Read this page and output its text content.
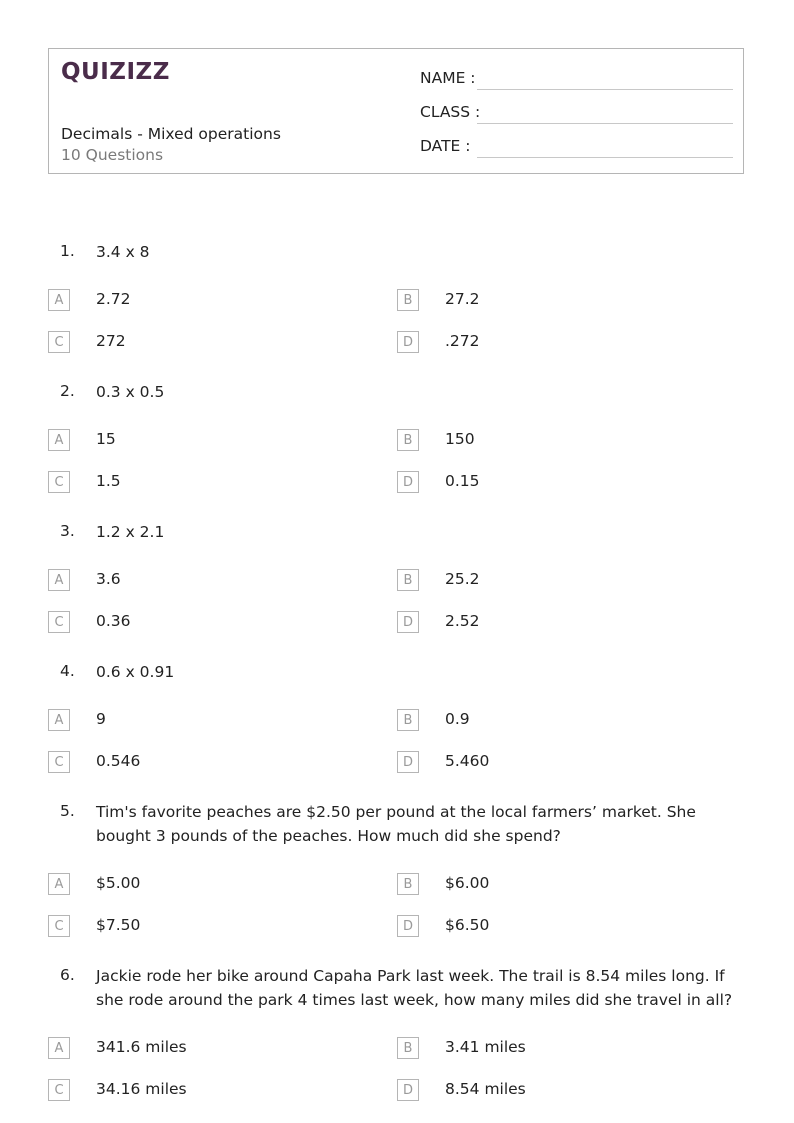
QUIZIZZ
Decimals - Mixed operations
10 Questions
NAME :
CLASS :
DATE :
1. 3.4 x 8
A	2.72	B	27.2
C	272	D	.272
2. 0.3 x 0.5
A	15	B	150
C	1.5	D	0.15
3. 1.2 x 2.1
A	3.6	B	25.2
C	0.36	D	2.52
4. 0.6 x 0.91
A	9	B	0.9
C	0.546	D	5.460
5. Tim's favorite peaches are $2.50 per pound at the local farmers’ market. She bought 3 pounds of the peaches. How much did she spend?
A	$5.00	B	$6.00
C	$7.50	D	$6.50
6. Jackie rode her bike around Capaha Park last week. The trail is 8.54 miles long. If she rode around the park 4 times last week, how many miles did she travel in all?
A	341.6 miles	B	3.41 miles
C	34.16 miles	D	8.54 miles
